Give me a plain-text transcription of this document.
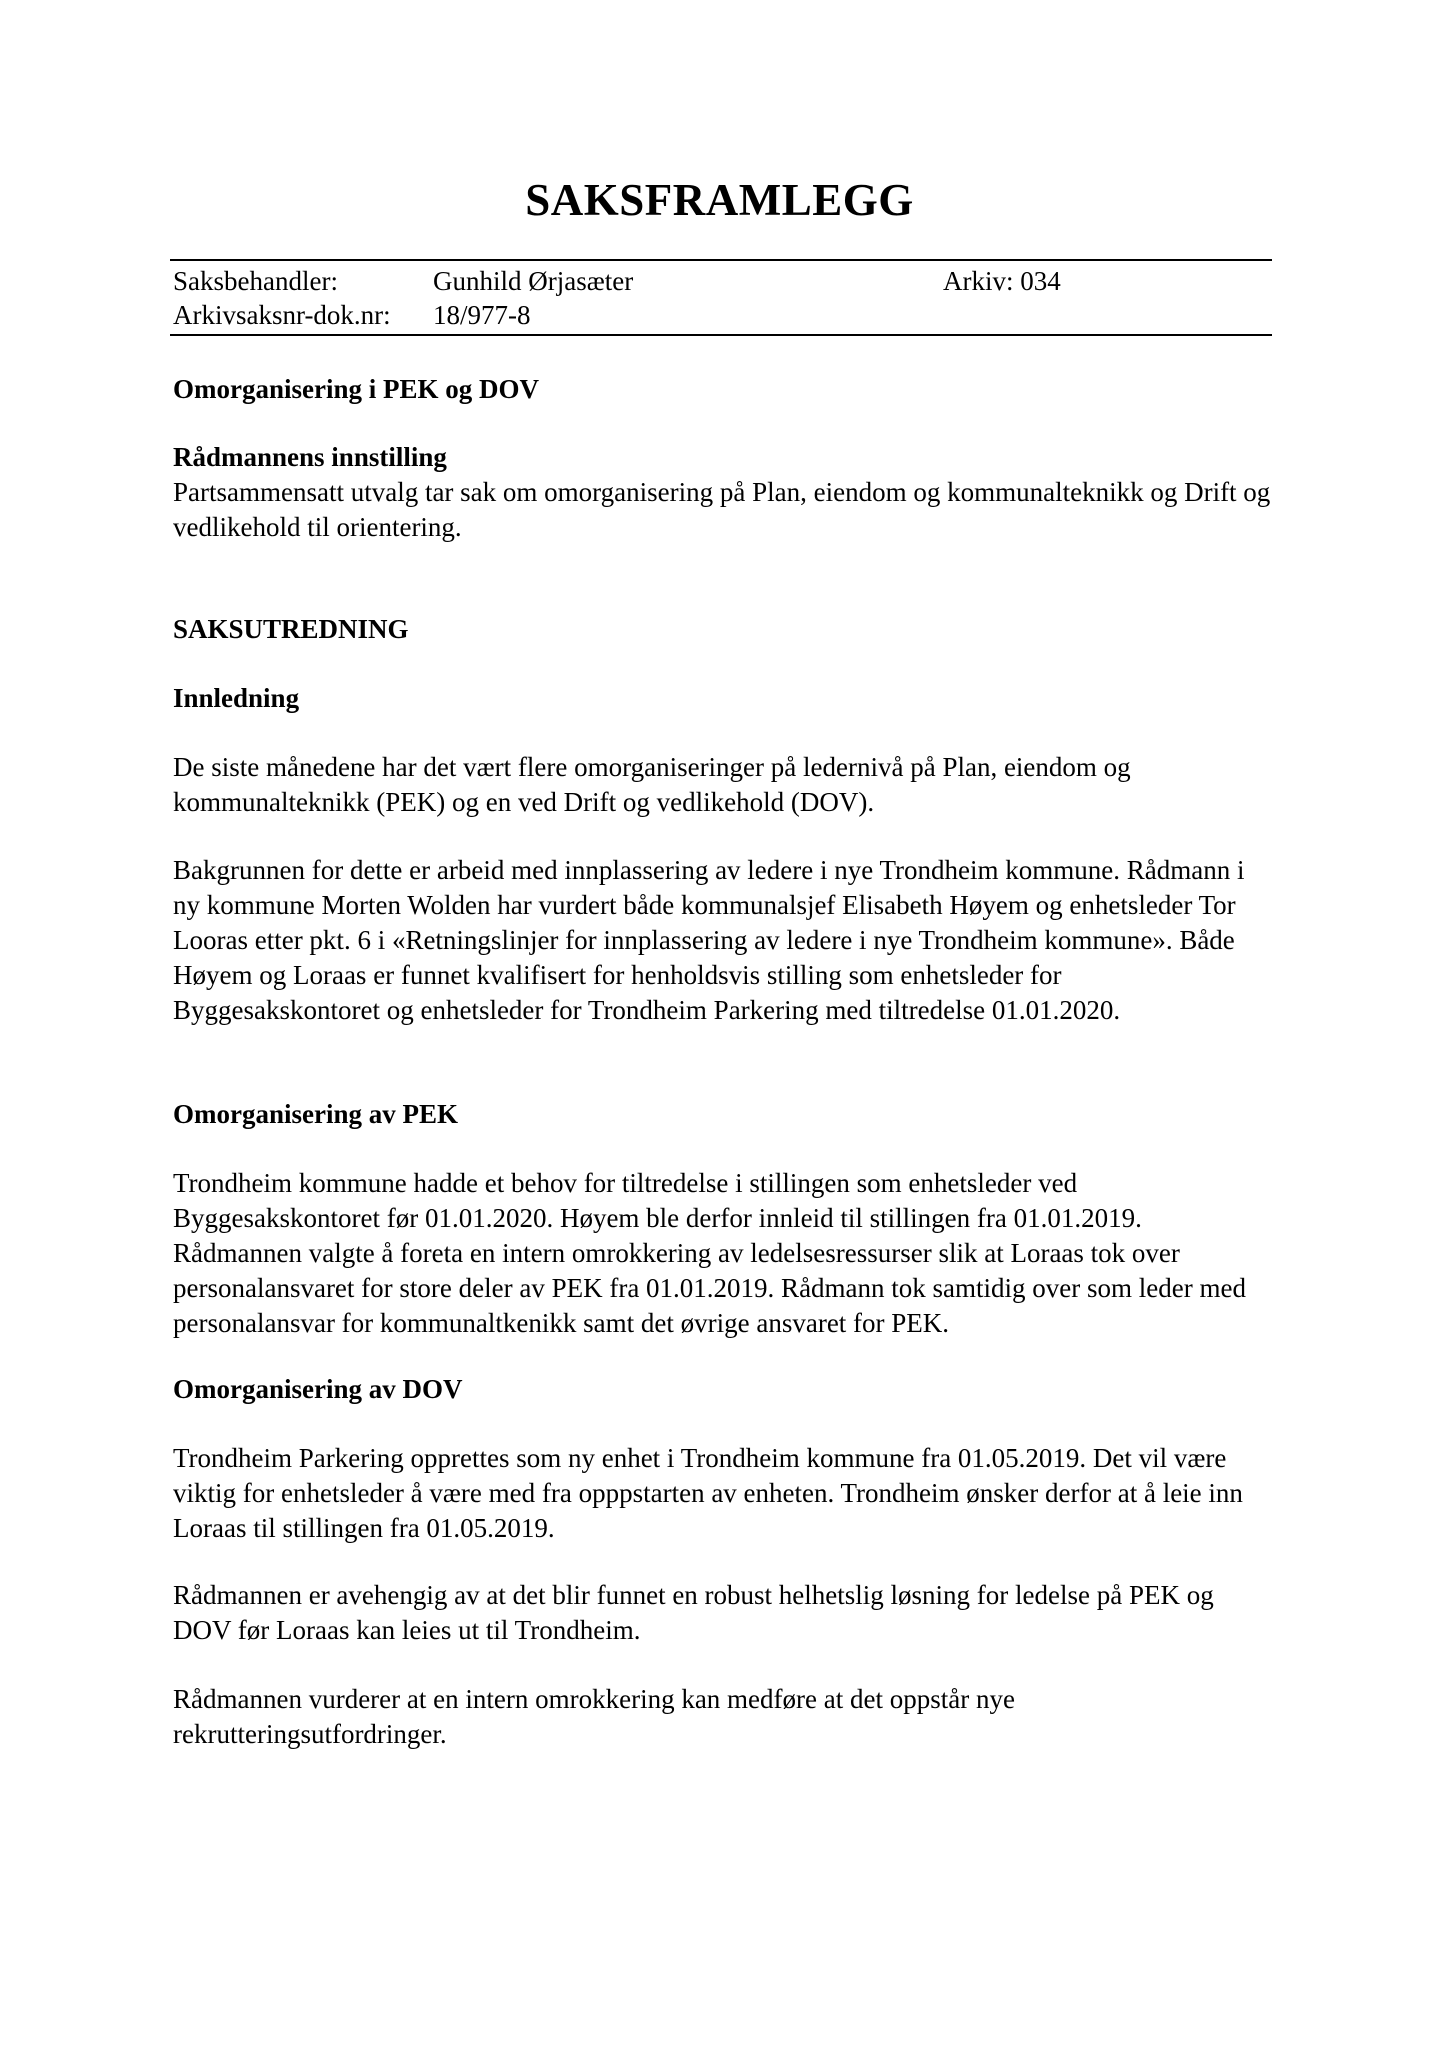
SAKSFRAMLEGG
Saksbehandler:	Gunhild Ørjasæter	Arkiv: 034
Arkivsaksnr-dok.nr: 18/977-8
Omorganisering i PEK og DOV
Rådmannens innstilling

Partsammensatt utvalg tar sak om omorganisering på Plan, eiendom og kommunalteknikk og Drift og vedlikehold til orientering.

SAKSUTREDNING
Innledning

De siste månedene har det vært flere omorganiseringer på ledernivå på Plan, eiendom og kommunalteknikk (PEK) og en ved Drift og vedlikehold (DOV).

Bakgrunnen for dette er arbeid med innplassering av ledere i nye Trondheim kommune. Rådmann i ny kommune Morten Wolden har vurdert både kommunalsjef Elisabeth Høyem og enhetsleder Tor Looras etter pkt. 6 i «Retningslinjer for innplassering av ledere i nye Trondheim kommune». Både Høyem og Loraas er funnet kvalifisert for henholdsvis stilling som enhetsleder for Byggesakskontoret og enhetsleder for Trondheim Parkering med tiltredelse 01.01.2020.

Omorganisering av PEK

Trondheim kommune hadde et behov for tiltredelse i stillingen som enhetsleder ved Byggesakskontoret før 01.01.2020. Høyem ble derfor innleid til stillingen fra 01.01.2019. Rådmannen valgte å foreta en intern omrokkering av ledelsesressurser slik at Loraas tok over personalansvaret for store deler av PEK fra 01.01.2019. Rådmann tok samtidig over som leder med personalansvar for kommunaltkenikk samt det øvrige ansvaret for PEK.

Omorganisering av DOV

Trondheim Parkering opprettes som ny enhet i Trondheim kommune fra 01.05.2019. Det vil være viktig for enhetsleder å være med fra opppstarten av enheten. Trondheim ønsker derfor at å leie inn Loraas til stillingen fra 01.05.2019.

Rådmannen er avehengig av at det blir funnet en robust helhetslig løsning for ledelse på PEK og DOV før Loraas kan leies ut til Trondheim.

Rådmannen vurderer at en intern omrokkering kan medføre at det oppstår nye rekrutteringsutfordringer.
